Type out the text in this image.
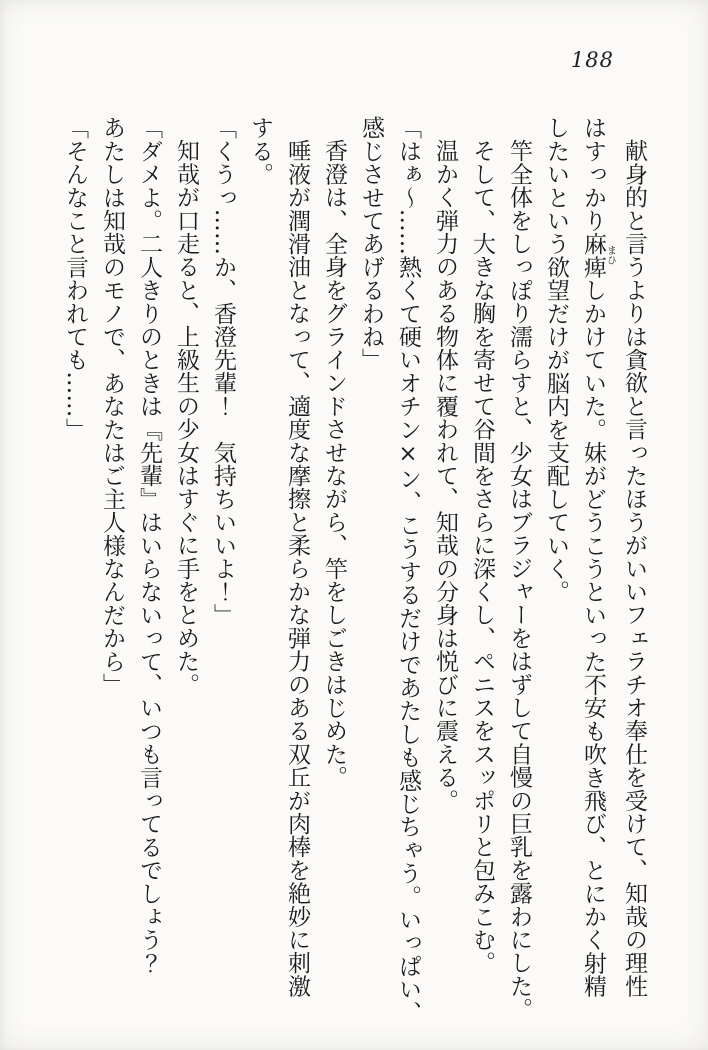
188

献身的と言うよりは貪欲と言ったほうがいいフェラチオ奉仕を受けて、知哉の理性

はすっかり麻痺まひしかけていた。妹がどうこうといった不安も吹き飛び、とにかく射精

したいという欲望だけが脳内を支配していく。

竿全体をしっぽり濡らすと、少女はブラジャーをはずして自慢の巨乳を露わにした。

そして、大きな胸を寄せて谷間をさらに深くし、ペニスをスッポリと包みこむ。

温かく弾力のある物体に覆われて、知哉の分身は悦びに震える。

「はぁ～……熱くて硬いオチン×ン、こうするだけであたしも感じちゃう。いっぱい、

感じさせてあげるわね」

香澄は、全身をグラインドさせながら、竿をしごきはじめた。

唾液が潤滑油となって、適度な摩擦と柔らかな弾力のある双丘が肉棒を絶妙に刺激

する。

「くうっ……か、香澄先輩！　気持ちいいよ！」

知哉が口走ると、上級生の少女はすぐに手をとめた。

「ダメよ。二人きりのときは『先輩』はいらないって、いつも言ってるでしょう？

あたしは知哉のモノで、あなたはご主人様なんだから」

「そんなこと言われても……」
